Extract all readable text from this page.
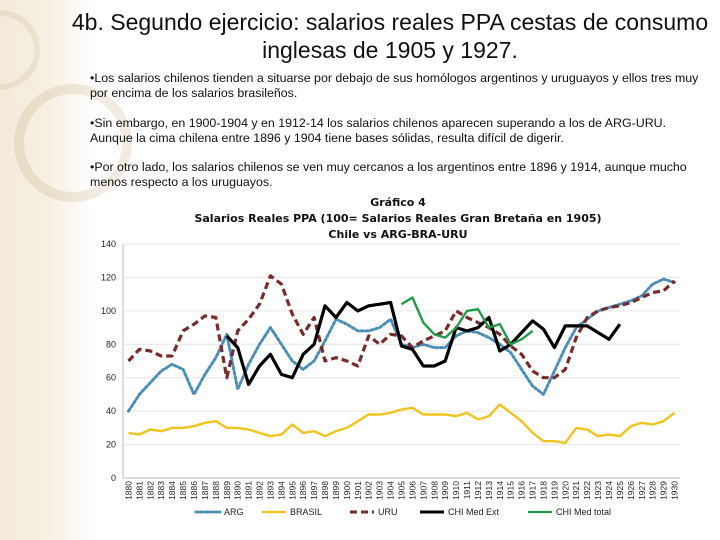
4b. Segundo ejercicio: salarios reales PPA cestas de consumo inglesas de 1905 y 1927.
•Los salarios chilenos tienden a situarse por debajo de sus homólogos argentinos y uruguayos y ellos tres muy por encima de los salarios brasileños.
•Sin embargo, en 1900-1904 y en 1912-14 los salarios chilenos aparecen superando a los de ARG-URU. Aunque la cima chilena entre 1896 y 1904 tiene bases sólidas, resulta difícil de digerir.
•Por otro lado, los salarios chilenos se ven muy cercanos a los argentinos entre 1896 y 1914, aunque mucho menos respecto a los uruguayos.
Gráfico 4
Salarios Reales PPA (100= Salarios Reales Gran Bretaña en 1905)
Chile vs ARG-BRA-URU
0
20
40
60
80
100
120
140
1880 1881 1882 1883 1884 1885 1886 1887 1888 1889 1890 1891 1892 1893 1894 1895 1896 1897 1898 1899 1900 1901 1902 1903 1904 1905 1906 1907 1908 1909 1910 1911 1912 1913 1914 1915 1916 1917 1918 1919 1920 1921 1922 1923 1924 1925 1926 1927 1928 1929 1930
ARG	BRASIL	URU	CHI Med Ext	CHI Med total
